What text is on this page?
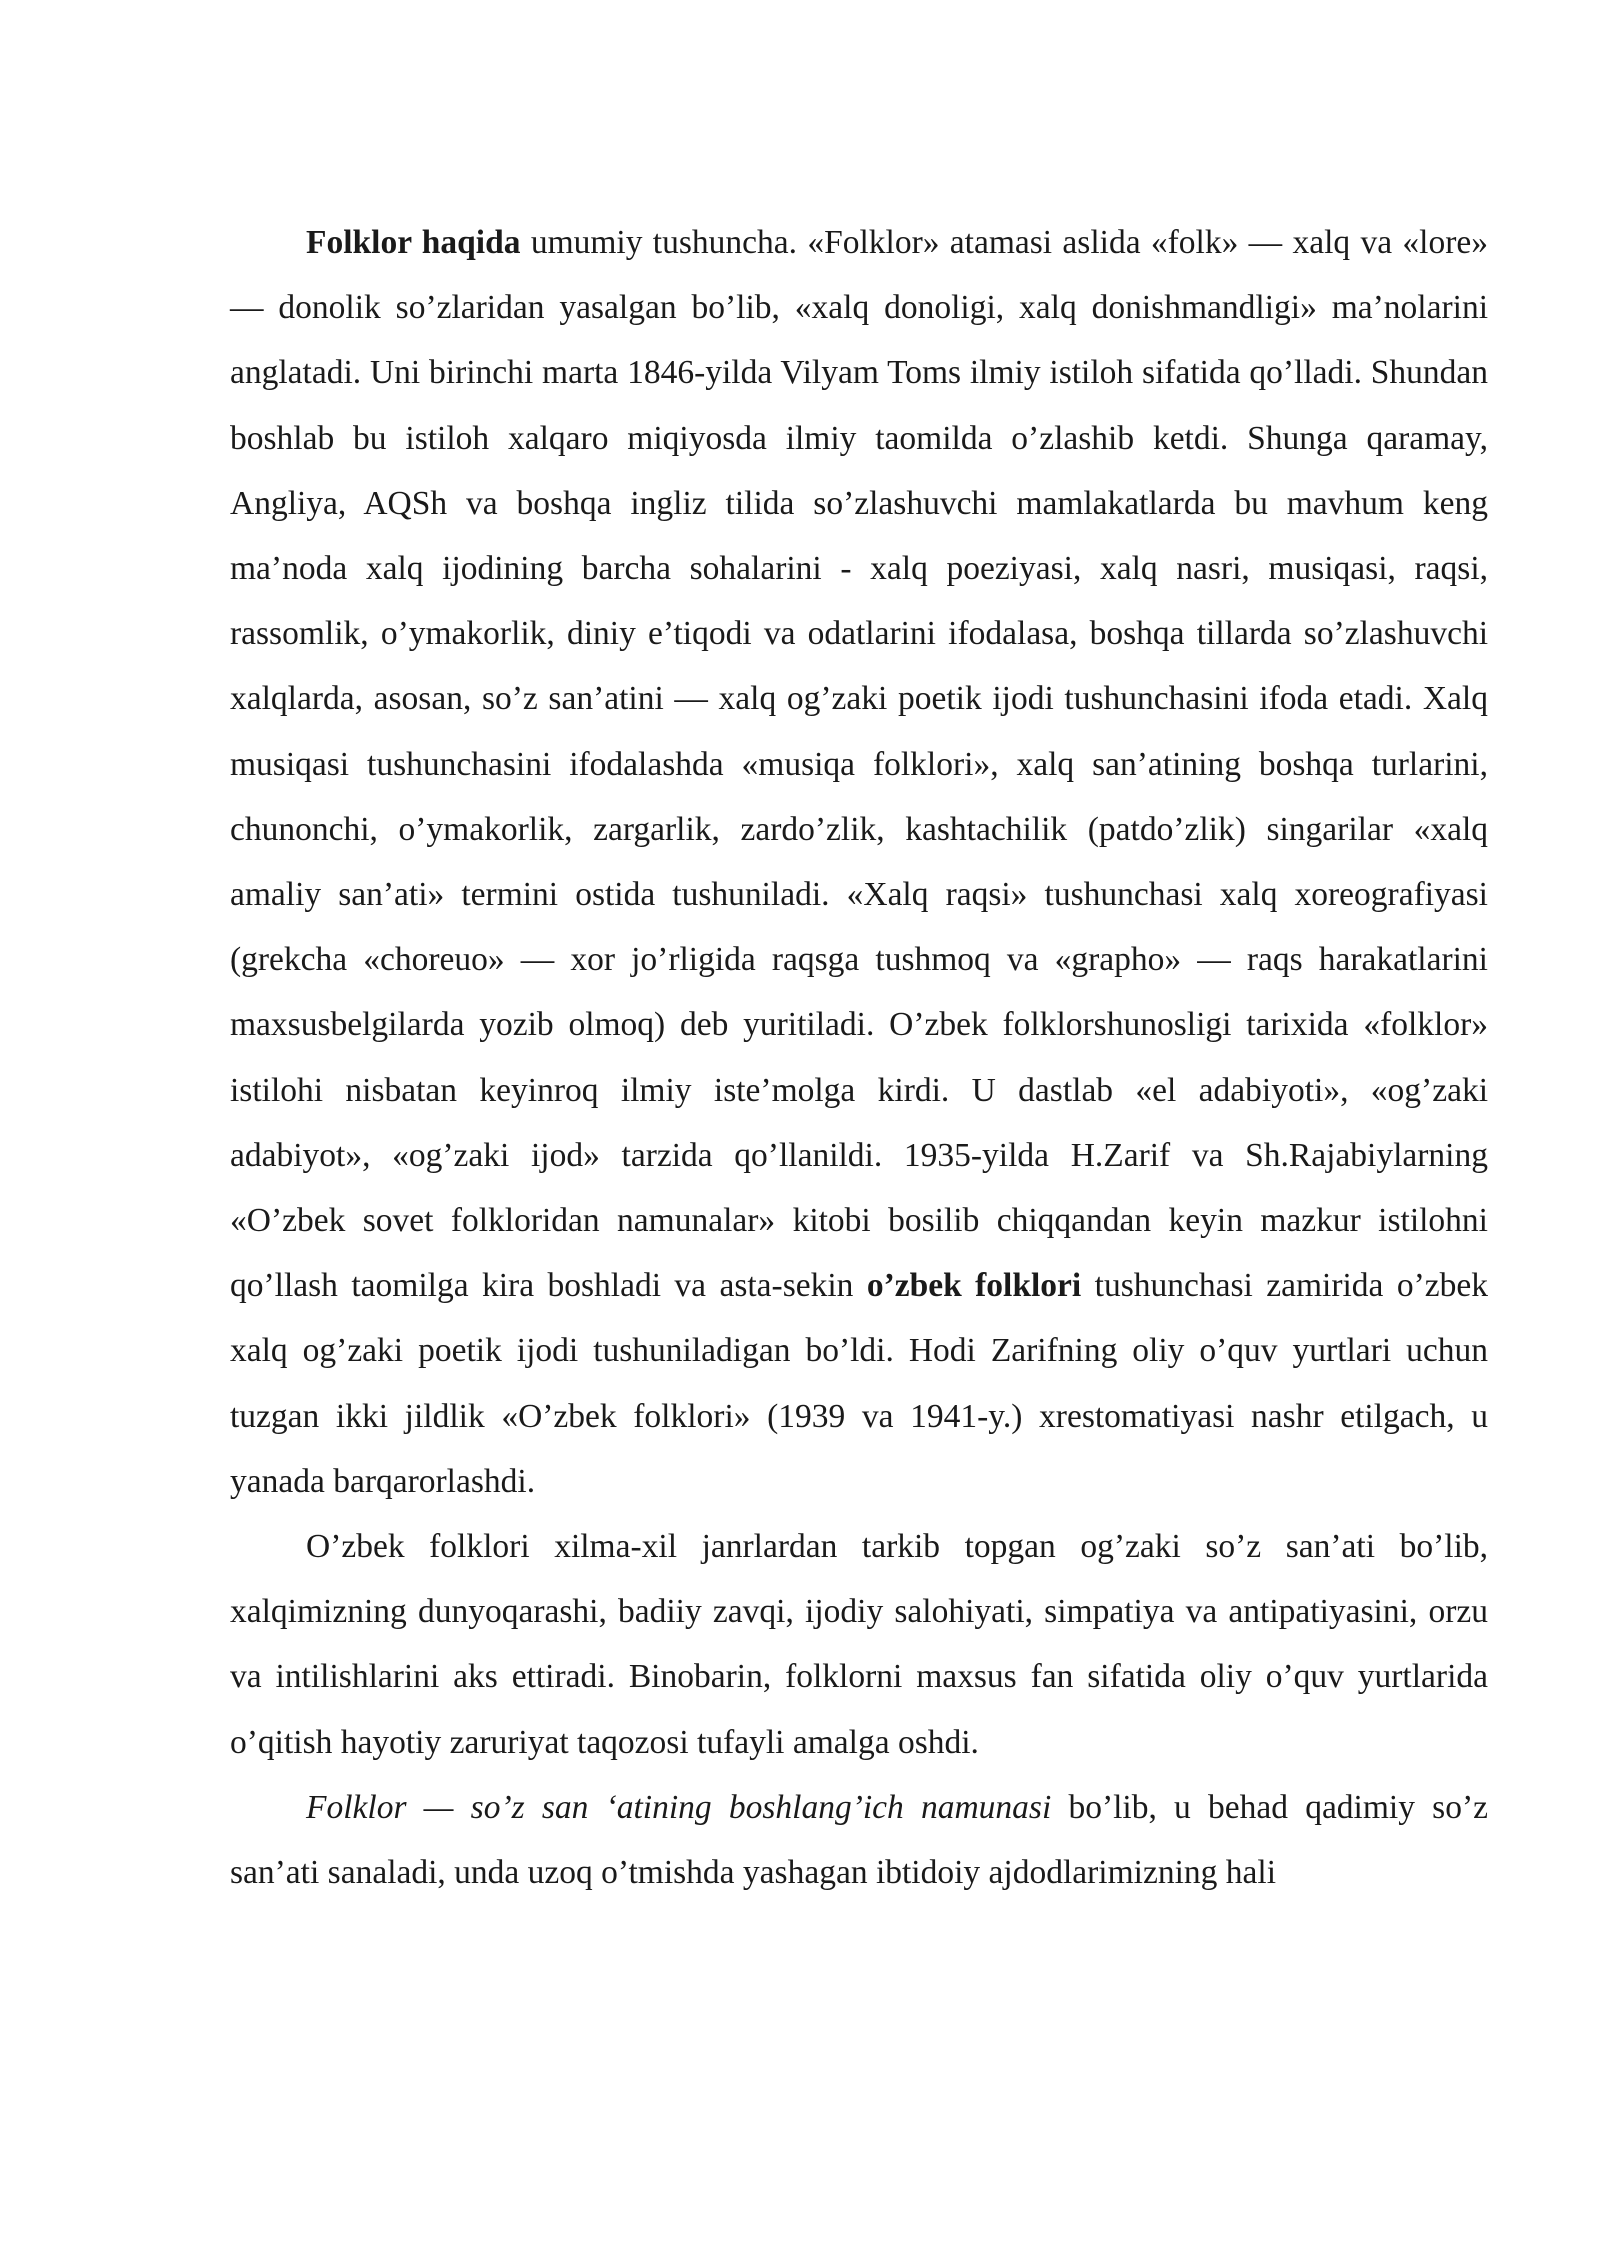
Folklor haqida umumiy tushuncha. «Folklor» atamasi aslida «folk» — xalq va «lore» — donolik so’zlaridan yasalgan bo’lib, «xalq donoligi, xalq donishmandligi» ma’nolarini anglatadi. Uni birinchi marta 1846-yilda Vilyam Toms ilmiy istiloh sifatida qo’lladi. Shundan boshlab bu istiloh xalqaro miqiyosda ilmiy taomilda o’zlashib ketdi. Shunga qaramay, Angliya, AQSh va boshqa ingliz tilida so’zlashuvchi mamlakatlarda bu mavhum keng ma’noda xalq ijodining barcha sohalarini - xalq poeziyasi, xalq nasri, musiqasi, raqsi, rassomlik, o’ymakorlik, diniy e’tiqodi va odatlarini ifodalasa, boshqa tillarda so’zlashuvchi xalqlarda, asosan, so’z san’atini — xalq og’zaki poetik ijodi tushunchasini ifoda etadi. Xalq musiqasi tushunchasini ifodalashda «musiqa folklori», xalq san’atining boshqa turlarini, chunonchi, o’ymakorlik, zargarlik, zardo’zlik, kashtachilik (patdo’zlik) singarilar «xalq amaliy san’ati» termini ostida tushuniladi. «Xalq raqsi» tushunchasi xalq xoreografiyasi (grekcha «choreuo» — xor jo’rligida raqsga tushmoq va «grapho» — raqs harakatlarini maxsusbelgilarda yozib olmoq) deb yuritiladi. O’zbek folklorshunosligi tarixida «folklor» istilohi nisbatan keyinroq ilmiy iste’molga kirdi. U dastlab «el adabiyoti», «og’zaki adabiyot», «og’zaki ijod» tarzida qo’llanildi. 1935-yilda H.Zarif va Sh.Rajabiylarning «O’zbek sovet folkloridan namunalar» kitobi bosilib chiqqandan keyin mazkur istilohni qo’llash taomilga kira boshladi va asta-sekin o’zbek folklori tushunchasi zamirida o’zbek xalq og’zaki poetik ijodi tushuniladigan bo’ldi. Hodi Zarifning oliy o’quv yurtlari uchun tuzgan ikki jildlik «O’zbek folklori» (1939 va 1941-y.) xrestomatiyasi nashr etilgach, u yanada barqarorlashdi.

O’zbek folklori xilma-xil janrlardan tarkib topgan og’zaki so’z san’ati bo’lib, xalqimizning dunyoqarashi, badiiy zavqi, ijodiy salohiyati, simpatiya va antipatiyasini, orzu va intilishlarini aks ettiradi. Binobarin, folklorni maxsus fan sifatida oliy o’quv yurtlarida o’qitish hayotiy zaruriyat taqozosi tufayli amalga oshdi.

Folklor — so’z san ‘atining boshlang’ich namunasi bo’lib, u behad qadimiy so’z san’ati sanaladi, unda uzoq o’tmishda yashagan ibtidoiy ajdodlarimizning hali
